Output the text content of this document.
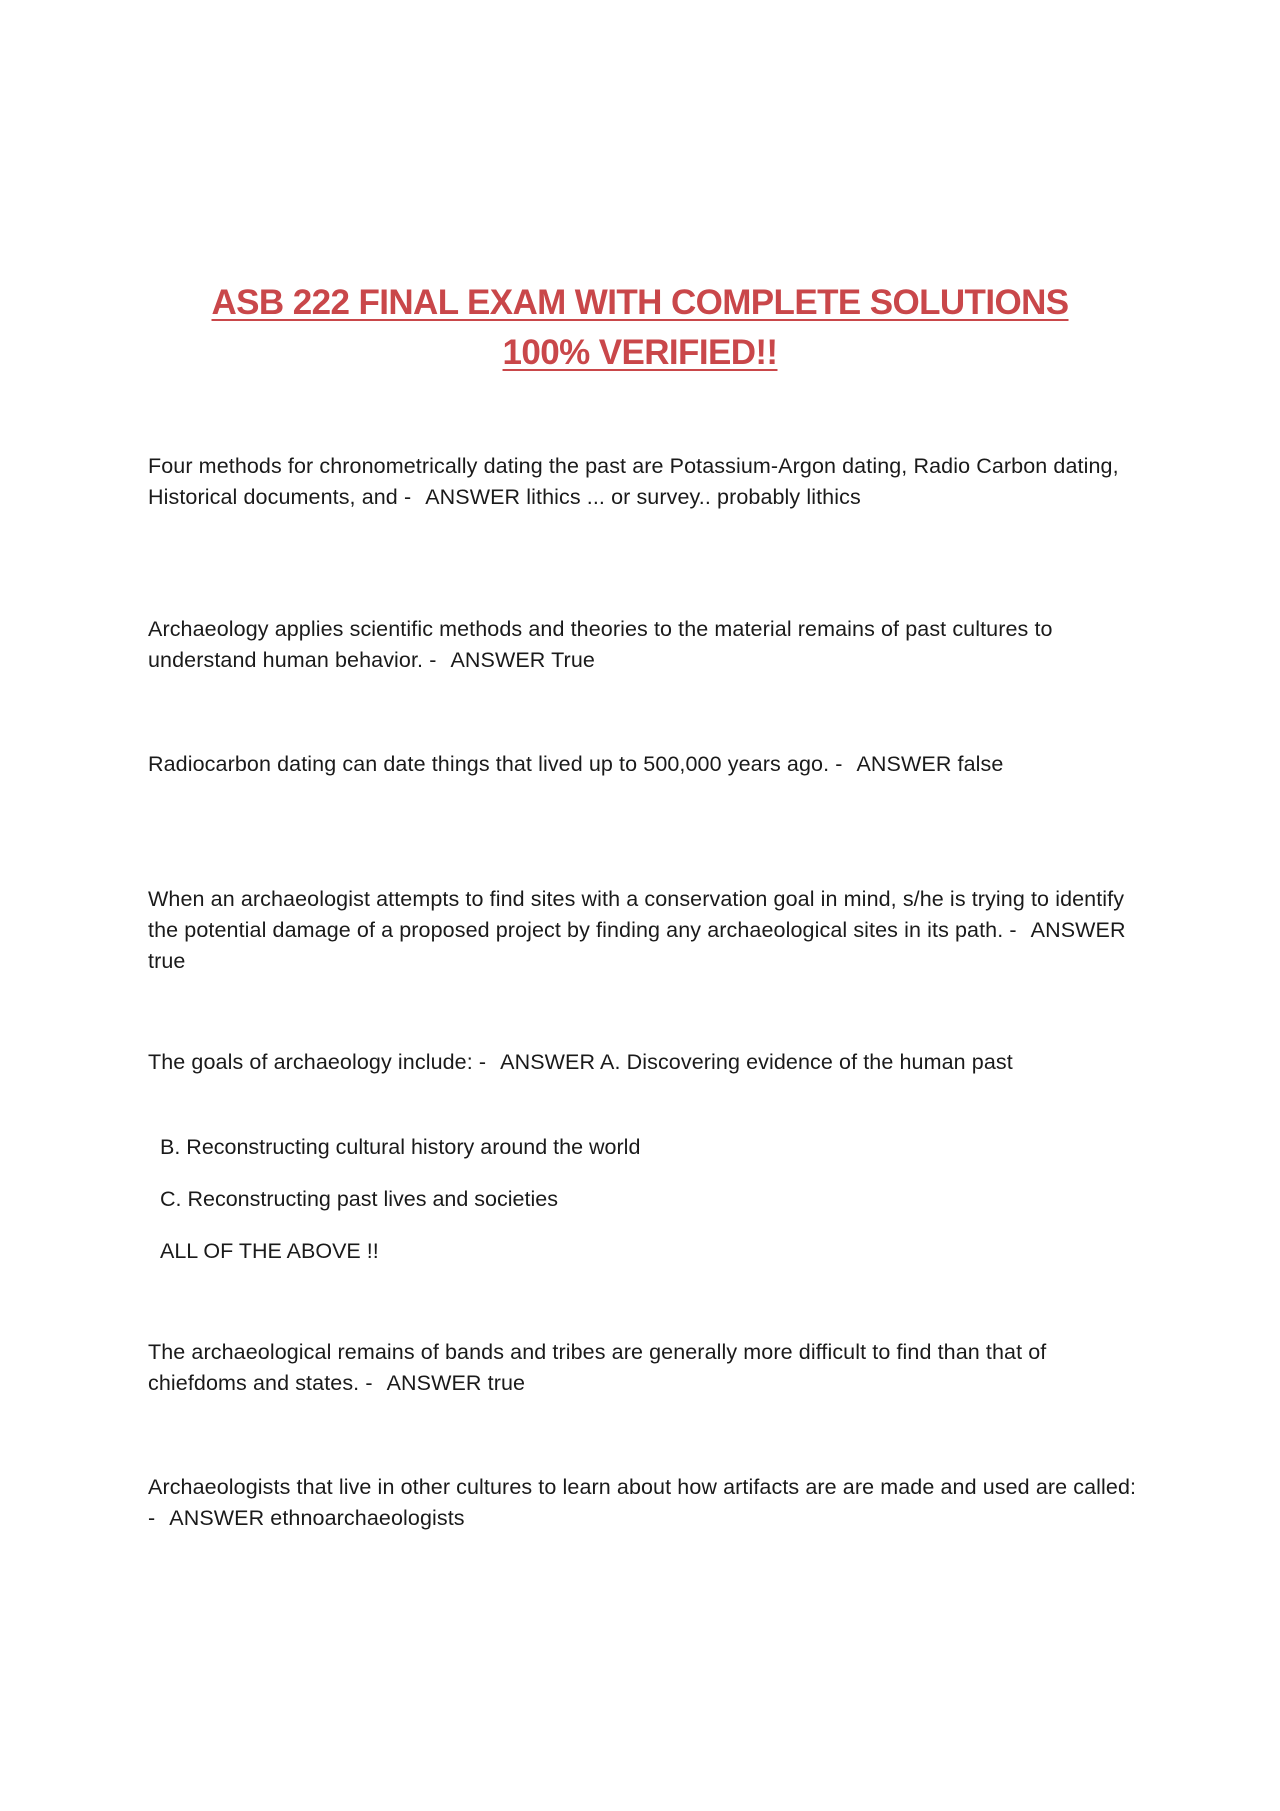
ASB 222 FINAL EXAM WITH COMPLETE SOLUTIONS
100% VERIFIED!!
Four methods for chronometrically dating the past are Potassium-Argon dating, Radio Carbon dating, Historical documents, and - ANSWER lithics ... or survey.. probably lithics
Archaeology applies scientific methods and theories to the material remains of past cultures to understand human behavior. - ANSWER True
Radiocarbon dating can date things that lived up to 500,000 years ago. - ANSWER false
When an archaeologist attempts to find sites with a conservation goal in mind, s/he is trying to identify the potential damage of a proposed project by finding any archaeological sites in its path. - ANSWER true
The goals of archaeology include: - ANSWER A. Discovering evidence of the human past
B. Reconstructing cultural history around the world
C. Reconstructing past lives and societies
ALL OF THE ABOVE !!
The archaeological remains of bands and tribes are generally more difficult to find than that of chiefdoms and states. - ANSWER true
Archaeologists that live in other cultures to learn about how artifacts are are made and used are called: - ANSWER ethnoarchaeologists
